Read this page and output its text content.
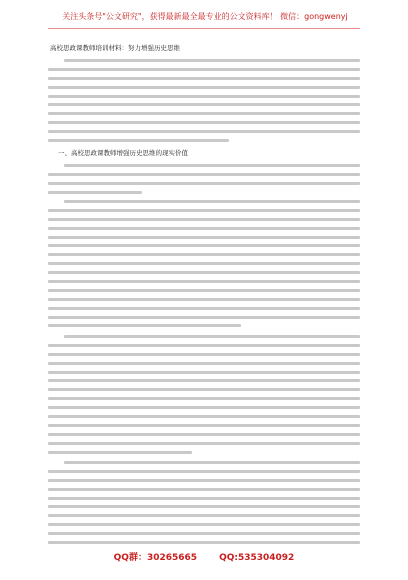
关注头条号"公文研究"，获得最新最全最专业的公文资料库！ 微信：gongwenyj
高校思政课教师培训材料：努力增强历史思维
一、高校思政课教师增强历史思维的现实价值
QQ群：30265665 QQ:535304092
